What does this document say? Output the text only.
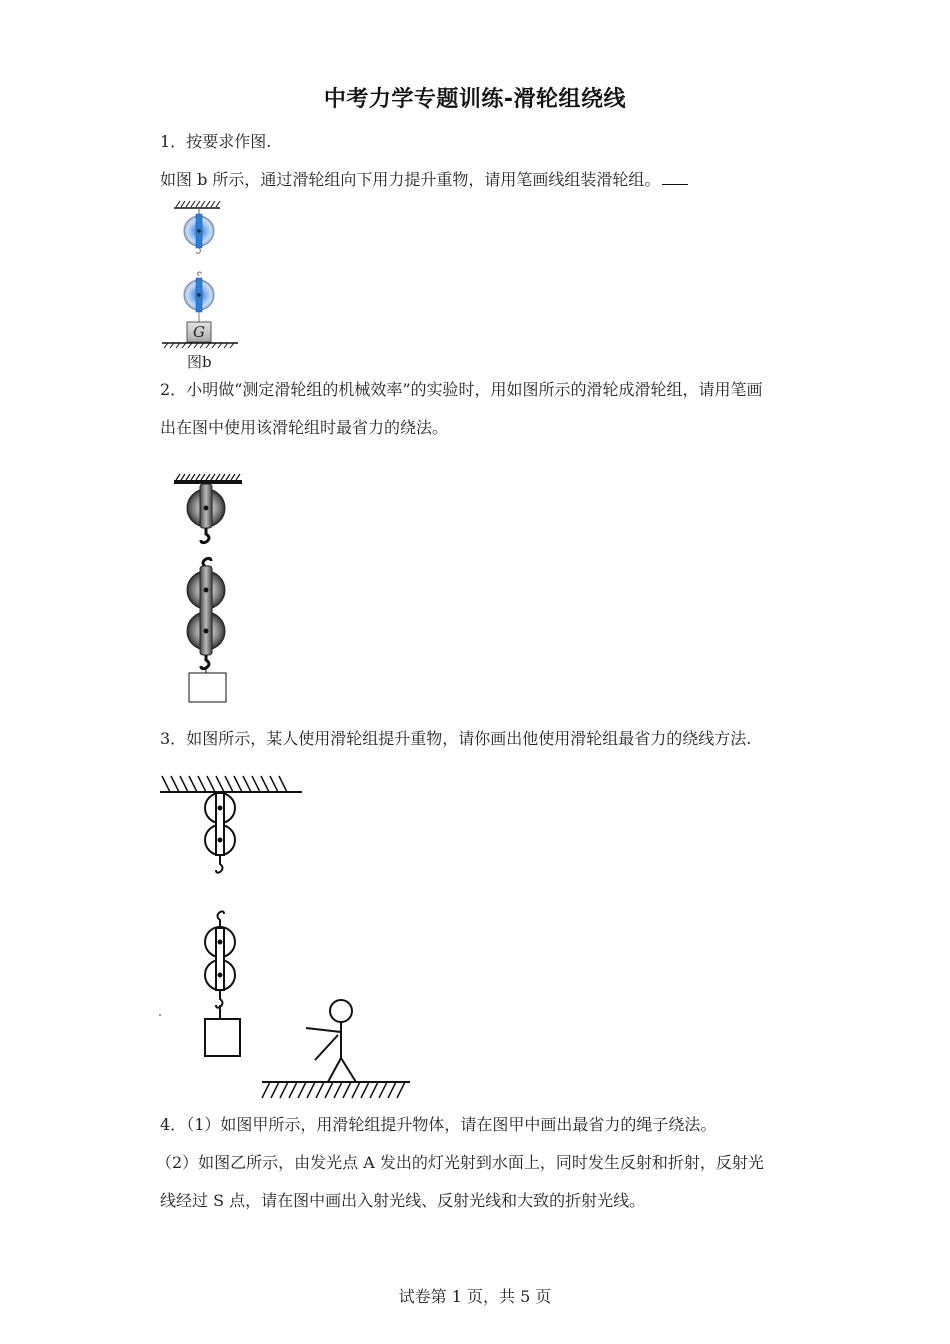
中考力学专题训练-滑轮组绕线
1．按要求作图.
如图 b 所示，通过滑轮组向下用力提升重物，请用笔画线组装滑轮组。
G
图b
2．小明做“测定滑轮组的机械效率”的实验时，用如图所示的滑轮成滑轮组，请用笔画
出在图中使用该滑轮组时最省力的绕法。
3．如图所示，某人使用滑轮组提升重物，请你画出他使用滑轮组最省力的绕线方法.
4．（1）如图甲所示，用滑轮组提升物体，请在图甲中画出最省力的绳子绕法。
（2）如图乙所示，由发光点 A 发出的灯光射到水面上，同时发生反射和折射，反射光
线经过 S 点，请在图中画出入射光线、反射光线和大致的折射光线。
试卷第 1 页，共 5 页
